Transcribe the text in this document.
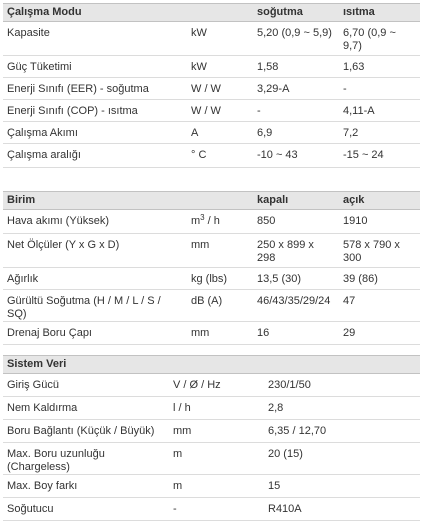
Çalışma Modu		soğutma	ısıtma
Kapasite	kW	5,20 (0,9 ~ 5,9)	6,70 (0,9 ~ 9,7)
Güç Tüketimi	kW	1,58	1,63
Enerji Sınıfı (EER) - soğutma	W / W	3,29-A	-
Enerji Sınıfı (COP) - ısıtma	W / W	-	4,11-A
Çalışma Akımı	A	6,9	7,2
Çalışma aralığı	° C	-10 ~ 43	-15 ~ 24
Birim		kapalı	açık
Hava akımı (Yüksek)	$m^3$ / h	850	1910
Net Ölçüler (Y x G x D)	mm	250 x 899 x 298	578 x 790 x 300
Ağırlık	kg (lbs)	13,5 (30)	39 (86)
Gürültü Soğutma (H / M / L / S / SQ)	dB (A)	46/43/35/29/24	47
Drenaj Boru Çapı	mm	16	29
Sistem Veri		
Giriş Gücü	V / Ø / Hz	230/1/50
Nem Kaldırma	l / h	2,8
Boru Bağlantı (Küçük / Büyük)	mm	6,35 / 12,70
Max. Boru uzunluğu (Chargeless)	m	20 (15)
Max. Boy farkı	m	15
Soğutucu	-	R410A
